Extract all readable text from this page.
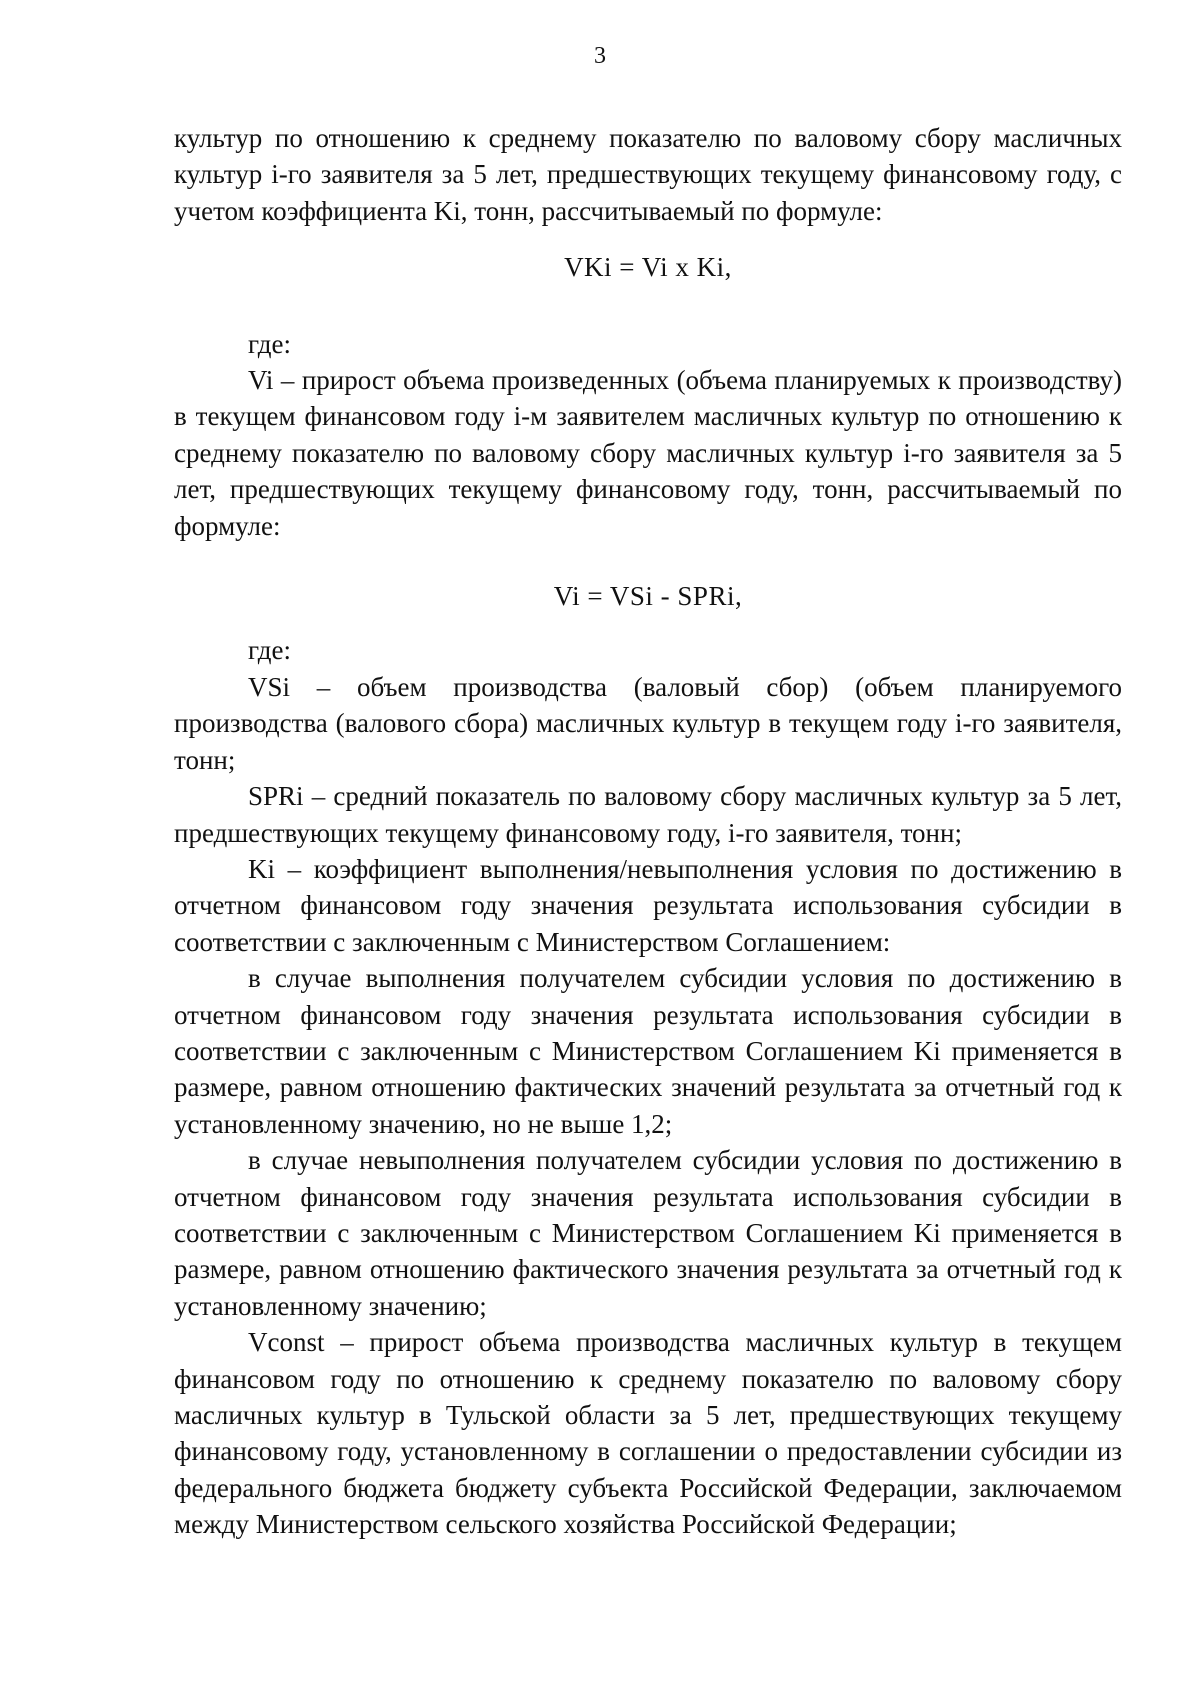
3

культур по отношению к среднему показателю по валовому сбору масличных культур i-го заявителя за 5 лет, предшествующих текущему финансовому году, с учетом коэффициента Ki, тонн, рассчитываемый по формуле:

VKi = Vi x Ki,

где:

Vi – прирост объема произведенных (объема планируемых к производству) в текущем финансовом году i-м заявителем масличных культур по отношению к среднему показателю по валовому сбору масличных культур i-го заявителя за 5 лет, предшествующих текущему финансовому году, тонн, рассчитываемый по формуле:

Vi = VSi - SPRi,

где:

VSi – объем производства (валовый сбор) (объем планируемого производства (валового сбора) масличных культур в текущем году i-го заявителя, тонн;

SPRi – средний показатель по валовому сбору масличных культур за 5 лет, предшествующих текущему финансовому году, i-го заявителя, тонн;

Ki – коэффициент выполнения/невыполнения условия по достижению в отчетном финансовом году значения результата использования субсидии в соответствии с заключенным с Министерством Соглашением:

в случае выполнения получателем субсидии условия по достижению в отчетном финансовом году значения результата использования субсидии в соответствии с заключенным с Министерством Соглашением Ki применяется в размере, равном отношению фактических значений результата за отчетный год к установленному значению, но не выше 1,2;

в случае невыполнения получателем субсидии условия по достижению в отчетном финансовом году значения результата использования субсидии в соответствии с заключенным с Министерством Соглашением Ki применяется в размере, равном отношению фактического значения результата за отчетный год к установленному значению;

Vconst – прирост объема производства масличных культур в текущем финансовом году по отношению к среднему показателю по валовому сбору масличных культур в Тульской области за 5 лет, предшествующих текущему финансовому году, установленному в соглашении о предоставлении субсидии из федерального бюджета бюджету субъекта Российской Федерации, заключаемом между Министерством сельского хозяйства Российской Федерации;
